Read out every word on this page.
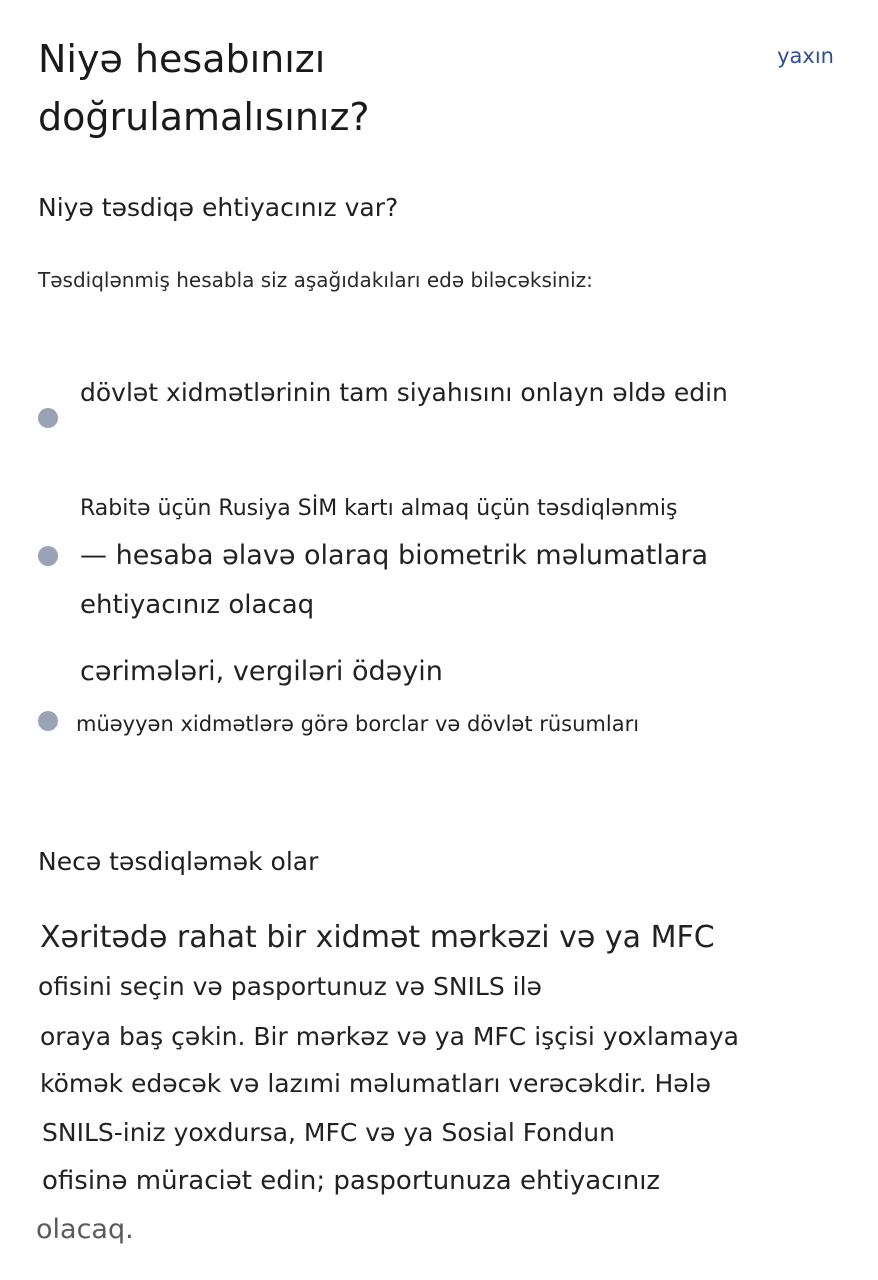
Niyə hesabınızı
doğrulamalısınız?
yaxın
Niyə təsdiqə ehtiyacınız var?
Təsdiqlənmiş hesabla siz aşağıdakıları edə biləcəksiniz:
dövlət xidmətlərinin tam siyahısını onlayn əldə edin
Rabitə üçün Rusiya SİM kartı almaq üçün təsdiqlənmiş
— hesaba əlavə olaraq biometrik məlumatlara
ehtiyacınız olacaq
cərimələri, vergiləri ödəyin
müəyyən xidmətlərə görə borclar və dövlət rüsumları
Necə təsdiqləmək olar
Xəritədə rahat bir xidmət mərkəzi və ya MFC
ofisini seçin və pasportunuz və SNILS ilə
oraya baş çəkin. Bir mərkəz və ya MFC işçisi yoxlamaya
kömək edəcək və lazımi məlumatları verəcəkdir. Hələ
SNILS-iniz yoxdursa, MFC və ya Sosial Fondun
ofisinə müraciət edin; pasportunuza ehtiyacınız
olacaq.
